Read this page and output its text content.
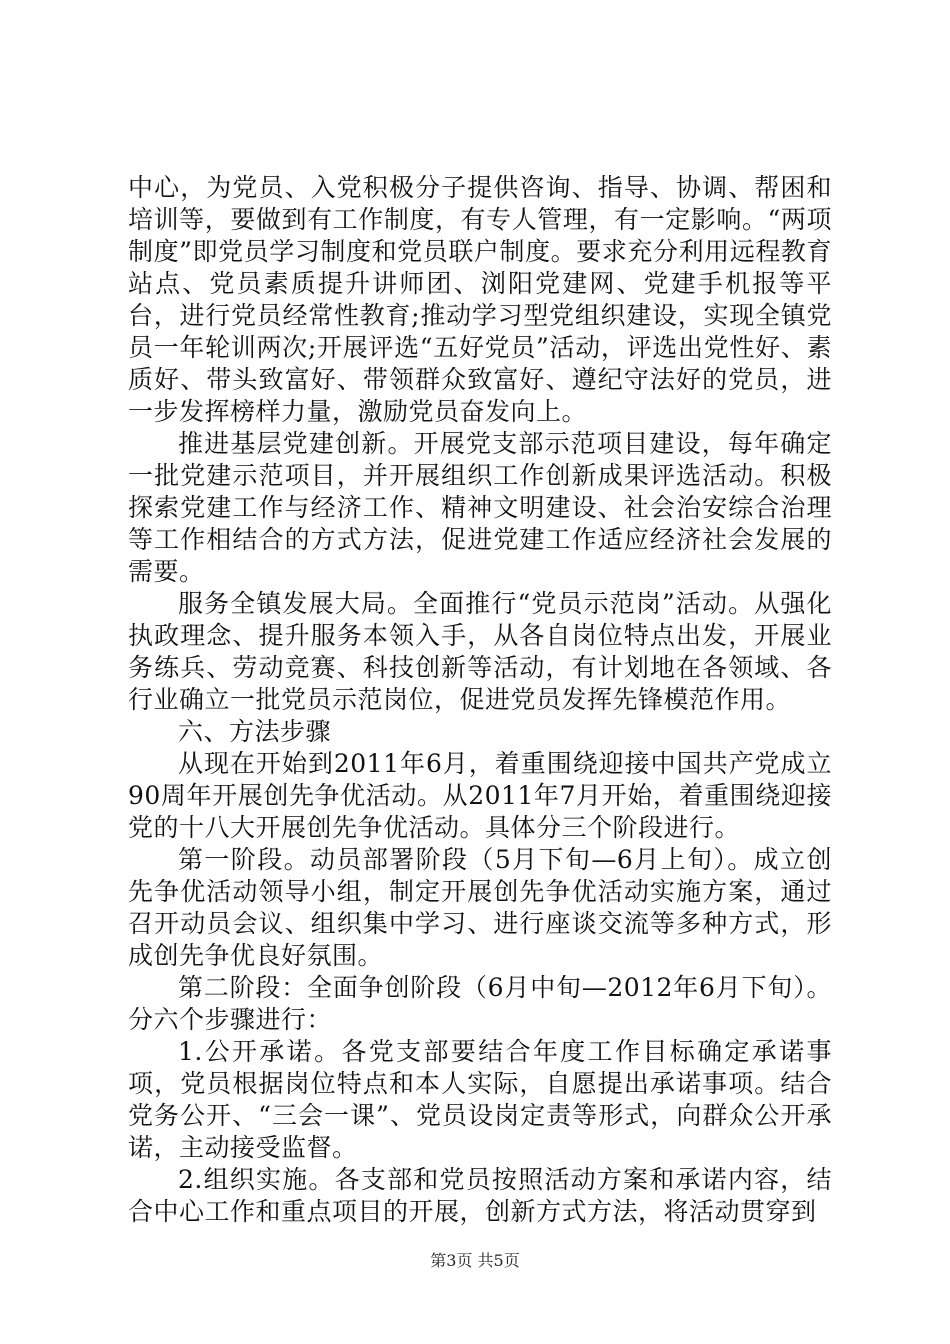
中心，为党员、入党积极分子提供咨询、指导、协调、帮困和培训等，要做到有工作制度，有专人管理，有一定影响。“两项制度”即党员学习制度和党员联户制度。要求充分利用远程教育站点、党员素质提升讲师团、浏阳党建网、党建手机报等平台，进行党员经常性教育;推动学习型党组织建设，实现全镇党员一年轮训两次;开展评选“五好党员”活动，评选出党性好、素质好、带头致富好、带领群众致富好、遵纪守法好的党员，进一步发挥榜样力量，激励党员奋发向上。

推进基层党建创新。开展党支部示范项目建设，每年确定一批党建示范项目，并开展组织工作创新成果评选活动。积极探索党建工作与经济工作、精神文明建设、社会治安综合治理等工作相结合的方式方法，促进党建工作适应经济社会发展的需要。

服务全镇发展大局。全面推行“党员示范岗”活动。从强化执政理念、提升服务本领入手，从各自岗位特点出发，开展业务练兵、劳动竞赛、科技创新等活动，有计划地在各领域、各行业确立一批党员示范岗位，促进党员发挥先锋模范作用。

六、方法步骤

从现在开始到2011年6月，着重围绕迎接中国共产党成立90周年开展创先争优活动。从2011年7月开始，着重围绕迎接党的十八大开展创先争优活动。具体分三个阶段进行。

第一阶段。动员部署阶段（5月下旬—6月上旬）。成立创先争优活动领导小组，制定开展创先争优活动实施方案，通过召开动员会议、组织集中学习、进行座谈交流等多种方式，形成创先争优良好氛围。

第二阶段：全面争创阶段（6月中旬—2012年6月下旬）。分六个步骤进行：

1.公开承诺。各党支部要结合年度工作目标确定承诺事项，党员根据岗位特点和本人实际，自愿提出承诺事项。结合党务公开、“三会一课”、党员设岗定责等形式，向群众公开承诺，主动接受监督。

2.组织实施。各支部和党员按照活动方案和承诺内容，结合中心工作和重点项目的开展，创新方式方法，将活动贯穿到

第3页 共5页
